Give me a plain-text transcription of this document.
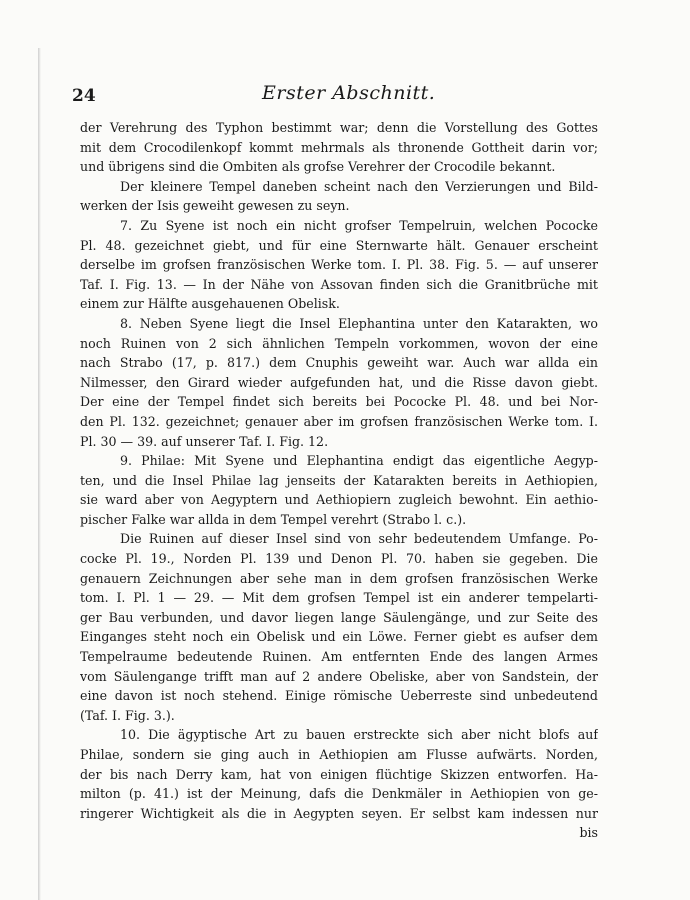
24	Erster Abschnitt.
der Verehrung des Typhon bestimmt war; denn die Vorstellung des Gottes
mit dem Crocodilenkopf kommt mehrmals als thronende Gottheit darin vor;
und übrigens sind die Ombiten als grofse Verehrer der Crocodile bekannt.
Der kleinere Tempel daneben scheint nach den Verzierungen und Bild-
werken der Isis geweiht gewesen zu seyn.
7. Zu Syene ist noch ein nicht grofser Tempelruin, welchen Pococke
Pl. 48. gezeichnet giebt, und für eine Sternwarte hält. Genauer erscheint
derselbe im grofsen französischen Werke tom. I. Pl. 38. Fig. 5. — auf unserer
Taf. I. Fig. 13. — In der Nähe von Assovan finden sich die Granitbrüche mit
einem zur Hälfte ausgehauenen Obelisk.
8. Neben Syene liegt die Insel Elephantina unter den Katarakten, wo
noch Ruinen von 2 sich ähnlichen Tempeln vorkommen, wovon der eine
nach Strabo (17, p. 817.) dem Cnuphis geweiht war. Auch war allda ein
Nilmesser, den Girard wieder aufgefunden hat, und die Risse davon giebt.
Der eine der Tempel findet sich bereits bei Pococke Pl. 48. und bei Nor-
den Pl. 132. gezeichnet; genauer aber im grofsen französischen Werke tom. I.
Pl. 30 — 39. auf unserer Taf. I. Fig. 12.
9. Philae: Mit Syene und Elephantina endigt das eigentliche Aegyp-
ten, und die Insel Philae lag jenseits der Katarakten bereits in Aethiopien,
sie ward aber von Aegyptern und Aethiopiern zugleich bewohnt. Ein aethio-
pischer Falke war allda in dem Tempel verehrt (Strabo l. c.).
Die Ruinen auf dieser Insel sind von sehr bedeutendem Umfange. Po-
cocke Pl. 19., Norden Pl. 139 und Denon Pl. 70. haben sie gegeben. Die
genauern Zeichnungen aber sehe man in dem grofsen französischen Werke
tom. I. Pl. 1 — 29. — Mit dem grofsen Tempel ist ein anderer tempelarti-
ger Bau verbunden, und davor liegen lange Säulengänge, und zur Seite des
Einganges steht noch ein Obelisk und ein Löwe. Ferner giebt es aufser dem
Tempelraume bedeutende Ruinen. Am entfernten Ende des langen Armes
vom Säulengange trifft man auf 2 andere Obeliske, aber von Sandstein, der
eine davon ist noch stehend. Einige römische Ueberreste sind unbedeutend
(Taf. I. Fig. 3.).
10. Die ägyptische Art zu bauen erstreckte sich aber nicht blofs auf
Philae, sondern sie ging auch in Aethiopien am Flusse aufwärts. Norden,
der bis nach Derry kam, hat von einigen flüchtige Skizzen entworfen. Ha-
milton (p. 41.) ist der Meinung, dafs die Denkmäler in Aethiopien von ge-
ringerer Wichtigkeit als die in Aegypten seyen. Er selbst kam indessen nur
bis
